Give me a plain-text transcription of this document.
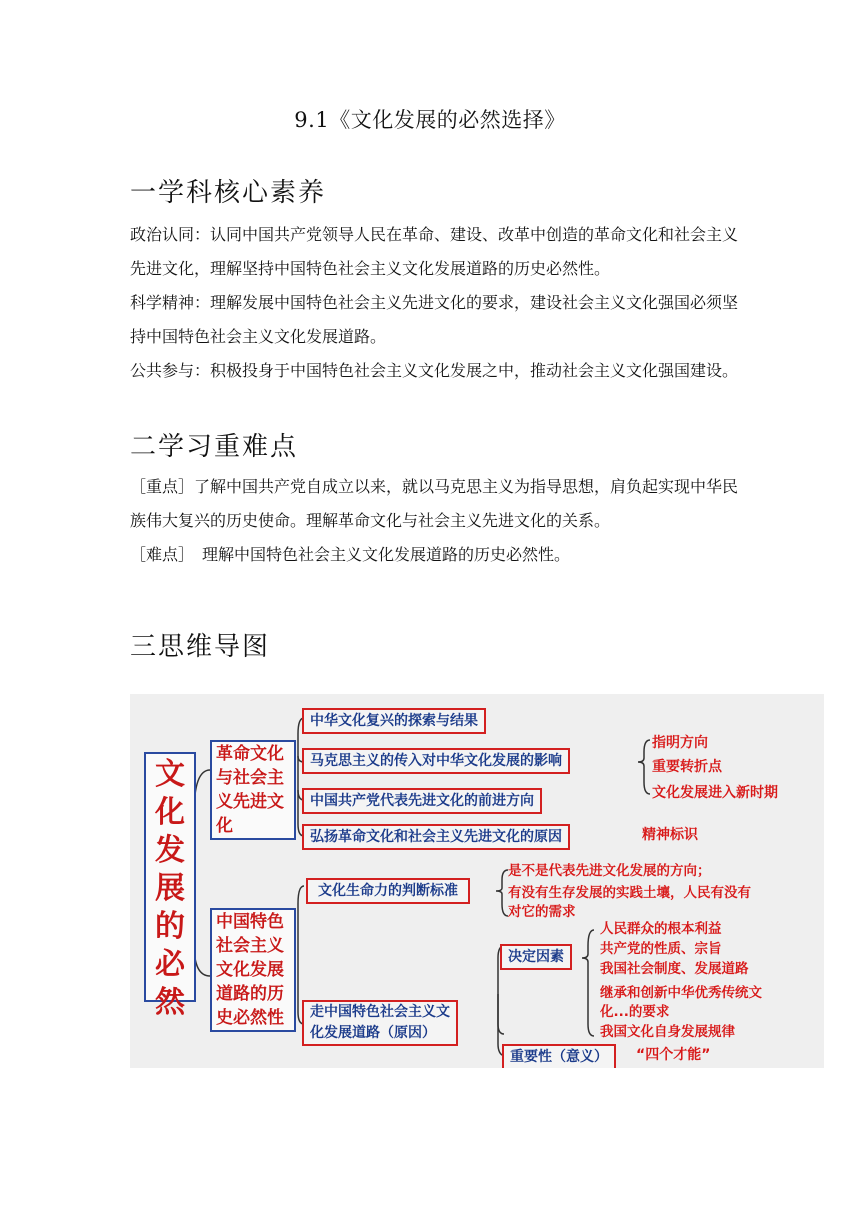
9.1《文化发展的必然选择》
一学科核心素养
政治认同：认同中国共产党领导人民在革命、建设、改革中创造的革命文化和社会主义先进文化，理解坚持中国特色社会主义文化发展道路的历史必然性。
科学精神：理解发展中国特色社会主义先进文化的要求，建设社会主义文化强国必须坚持中国特色社会主义文化发展道路。
公共参与：积极投身于中国特色社会主义文化发展之中，推动社会主义文化强国建设。
二学习重难点
［重点］了解中国共产党自成立以来，就以马克思主义为指导思想，肩负起实现中华民族伟大复兴的历史使命。理解革命文化与社会主义先进文化的关系。
［难点］　理解中国特色社会主义文化发展道路的历史必然性。
三思维导图
文
化
发
展
的
必
然
革命文化
与社会主
义先进文
化
中华文化复兴的探索与结果
马克思主义的传入对中华文化发展的影响
中国共产党代表先进文化的前进方向
弘扬革命文化和社会主义先进文化的原因
指明方向
重要转折点
文化发展进入新时期
精神标识
中国特色
社会主义
文化发展
道路的历
史必然性
文化生命力的判断标准
是不是代表先进文化发展的方向；
有没有生存发展的实践土壤，人民有没有
对它的需求
走中国特色社会主义文
化发展道路（原因）
决定因素
人民群众的根本利益
共产党的性质、宗旨
我国社会制度、发展道路
继承和创新中华优秀传统文
化...的要求
我国文化自身发展规律
重要性（意义）	“四个才能”
